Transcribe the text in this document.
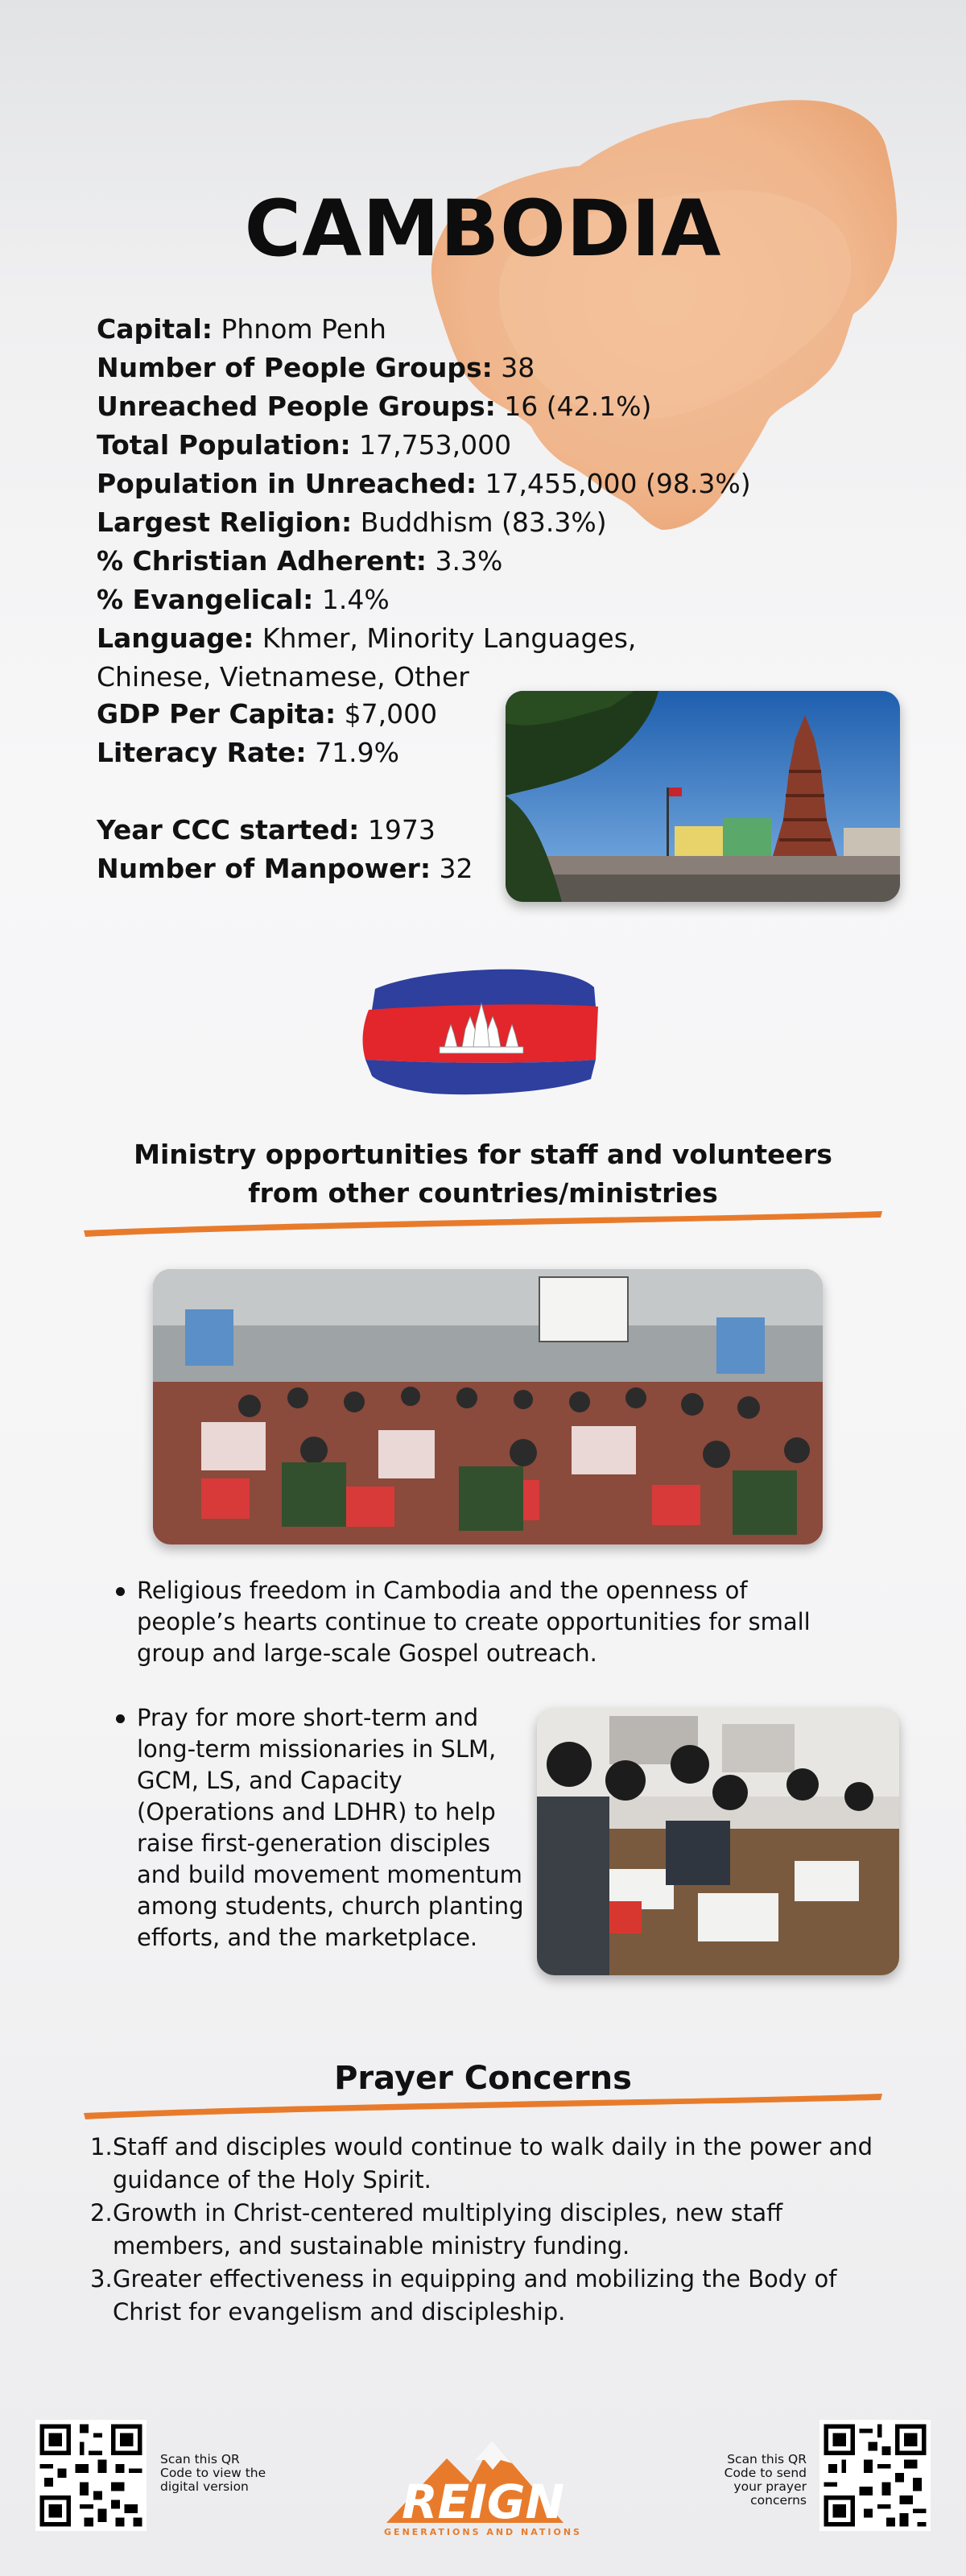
CAMBODIA
Capital: Phnom Penh
Number of People Groups: 38
Unreached People Groups: 16 (42.1%)
Total Population: 17,753,000
Population in Unreached: 17,455,000 (98.3%)
Largest Religion: Buddhism (83.3%)
% Christian Adherent: 3.3%
% Evangelical: 1.4%
Language: Khmer, Minority Languages,
Chinese, Vietnamese, Other
GDP Per Capita: $7,000
Literacy Rate: 71.9%
Year CCC started: 1973
Number of Manpower: 32
Ministry opportunities for staff and volunteers
from other countries/ministries
Religious freedom in Cambodia and the openness of people’s hearts continue to create opportunities for small group and large-scale Gospel outreach.
Pray for more short-term and long-term missionaries in SLM, GCM, LS, and Capacity (Operations and LDHR) to help raise first-generation disciples and build movement momentum among students, church planting efforts, and the marketplace.
Prayer Concerns
1. Staff and disciples would continue to walk daily in the power and guidance of the Holy Spirit.
2. Growth in Christ-centered multiplying disciples, new staff members, and sustainable ministry funding.
3. Greater effectiveness in equipping and mobilizing the Body of Christ for evangelism and discipleship.
Scan this QR Code to view the digital version	REIGN
GENERATIONS AND NATIONS
Scan this QR Code to send your prayer concerns
